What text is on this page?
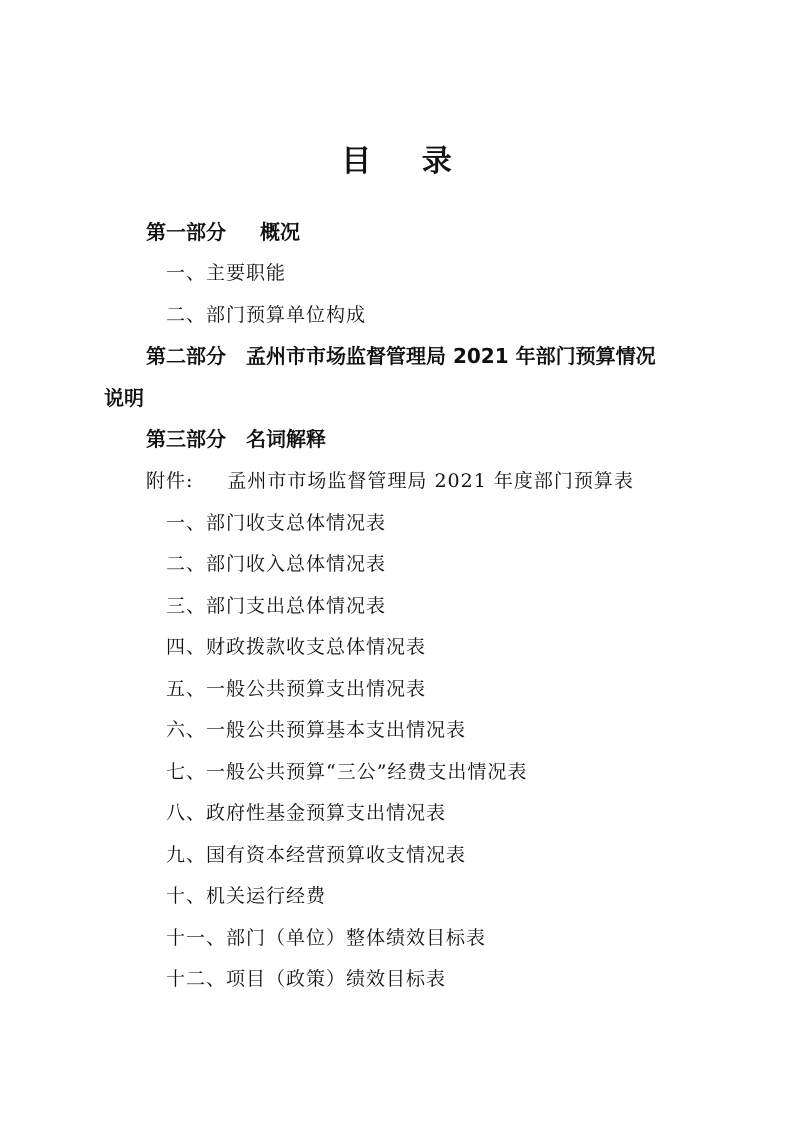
目 录
第一部分 概况
一、主要职能
二、部门预算单位构成
第二部分 孟州市市场监督管理局 2021 年部门预算情况
说明
第三部分 名词解释
附件: 孟州市市场监督管理局 2021 年度部门预算表
一、部门收支总体情况表
二、部门收入总体情况表
三、部门支出总体情况表
四、财政拨款收支总体情况表
五、一般公共预算支出情况表
六、一般公共预算基本支出情况表
七、一般公共预算“三公”经费支出情况表
八、政府性基金预算支出情况表
九、国有资本经营预算收支情况表
十、机关运行经费
十一、部门（单位）整体绩效目标表
十二、项目（政策）绩效目标表
